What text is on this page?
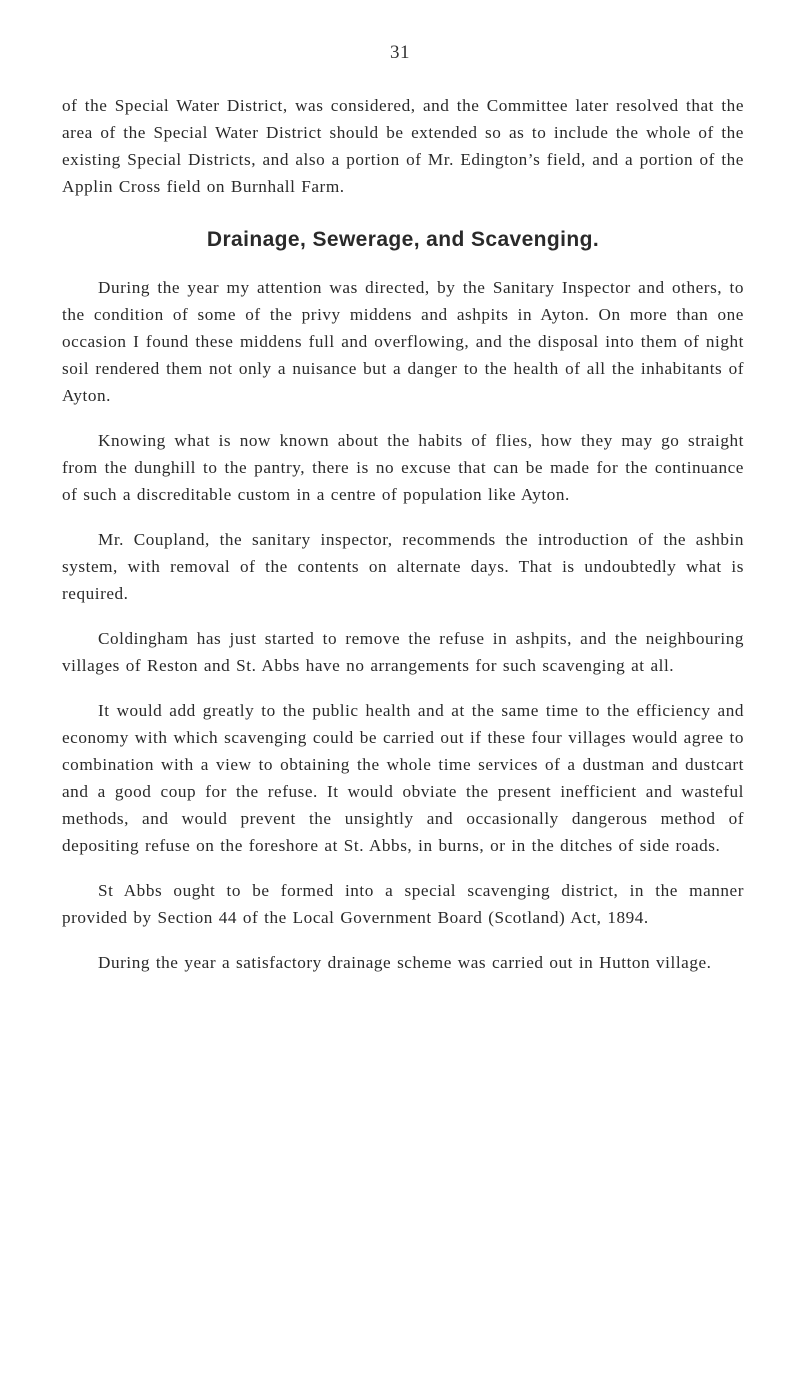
31

of the Special Water District, was considered, and the Committee later resolved that the area of the Special Water District should be extended so as to include the whole of the existing Special Districts, and also a portion of Mr. Edington’s field, and a portion of the Applin Cross field on Burnhall Farm.

Drainage, Sewerage, and Scavenging.

During the year my attention was directed, by the Sanitary Inspector and others, to the condition of some of the privy middens and ashpits in Ayton. On more than one occasion I found these middens full and overflowing, and the disposal into them of night soil rendered them not only a nuisance but a danger to the health of all the inhabitants of Ayton.

Knowing what is now known about the habits of flies, how they may go straight from the dunghill to the pantry, there is no excuse that can be made for the continuance of such a discreditable custom in a centre of population like Ayton.

Mr. Coupland, the sanitary inspector, recommends the introduction of the ashbin system, with removal of the contents on alternate days. That is undoubtedly what is required.

Coldingham has just started to remove the refuse in ashpits, and the neighbouring villages of Reston and St. Abbs have no arrangements for such scavenging at all.

It would add greatly to the public health and at the same time to the efficiency and economy with which scavenging could be carried out if these four villages would agree to combination with a view to obtaining the whole time services of a dustman and dustcart and a good coup for the refuse. It would obviate the present inefficient and wasteful methods, and would prevent the unsightly and occasionally dangerous method of depositing refuse on the foreshore at St. Abbs, in burns, or in the ditches of side roads.

St Abbs ought to be formed into a special scavenging district, in the manner provided by Section 44 of the Local Government Board (Scotland) Act, 1894.

During the year a satisfactory drainage scheme was carried out in Hutton village.
